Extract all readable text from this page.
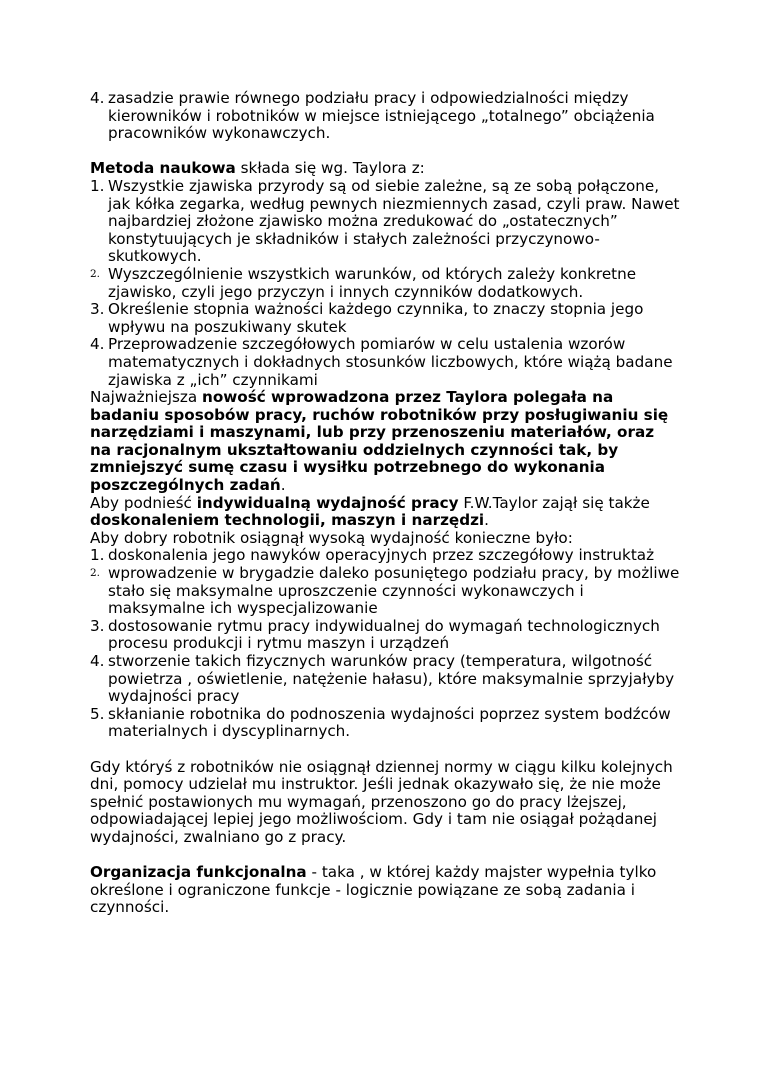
4. zasadzie prawie równego podziału pracy i odpowiedzialności między kierowników i robotników w miejsce istniejącego „totalnego” obciążenia pracowników wykonawczych.

Metoda naukowa składa się wg. Taylora z:

1. Wszystkie zjawiska przyrody są od siebie zależne, są ze sobą połączone, jak kółka zegarka, według pewnych niezmiennych zasad, czyli praw. Nawet najbardziej złożone zjawisko można zredukować do „ostatecznych” konstytuujących je składników i stałych zależności przyczynowo-skutkowych.
2. Wyszczególnienie wszystkich warunków, od których zależy konkretne zjawisko, czyli jego przyczyn i innych czynników dodatkowych.
3. Określenie stopnia ważności każdego czynnika, to znaczy stopnia jego wpływu na poszukiwany skutek
4. Przeprowadzenie szczegółowych pomiarów w celu ustalenia wzorów matematycznych i dokładnych stosunków liczbowych, które wiążą badane zjawiska z „ich” czynnikami

Najważniejsza nowość wprowadzona przez Taylora polegała na badaniu sposobów pracy, ruchów robotników przy posługiwaniu się narzędziami i maszynami, lub przy przenoszeniu materiałów, oraz na racjonalnym ukształtowaniu oddzielnych czynności tak, by zmniejszyć sumę czasu i wysiłku potrzebnego do wykonania poszczególnych zadań.

Aby podnieść indywidualną wydajność pracy F.W.Taylor zajął się także doskonaleniem technologii, maszyn i narzędzi.

Aby dobry robotnik osiągnął wysoką wydajność konieczne było:

1. doskonalenia jego nawyków operacyjnych przez szczegółowy instruktaż
2. wprowadzenie w brygadzie daleko posuniętego podziału pracy, by możliwe stało się maksymalne uproszczenie czynności wykonawczych i maksymalne ich wyspecjalizowanie
3. dostosowanie rytmu pracy indywidualnej do wymagań technologicznych procesu produkcji i rytmu maszyn i urządzeń
4. stworzenie takich fizycznych warunków pracy (temperatura, wilgotność powietrza , oświetlenie, natężenie hałasu), które maksymalnie sprzyjałyby wydajności pracy
5. skłanianie robotnika do podnoszenia wydajności poprzez system bodźców materialnych i dyscyplinarnych.

Gdy któryś z robotników nie osiągnął dziennej normy w ciągu kilku kolejnych dni, pomocy udzielał mu instruktor. Jeśli jednak okazywało się, że nie może spełnić postawionych mu wymagań, przenoszono go do pracy lżejszej, odpowiadającej lepiej jego możliwościom. Gdy i tam nie osiągał pożądanej wydajności, zwalniano go z pracy.

Organizacja funkcjonalna - taka , w której każdy majster wypełnia tylko określone i ograniczone funkcje - logicznie powiązane ze sobą zadania i czynności.
